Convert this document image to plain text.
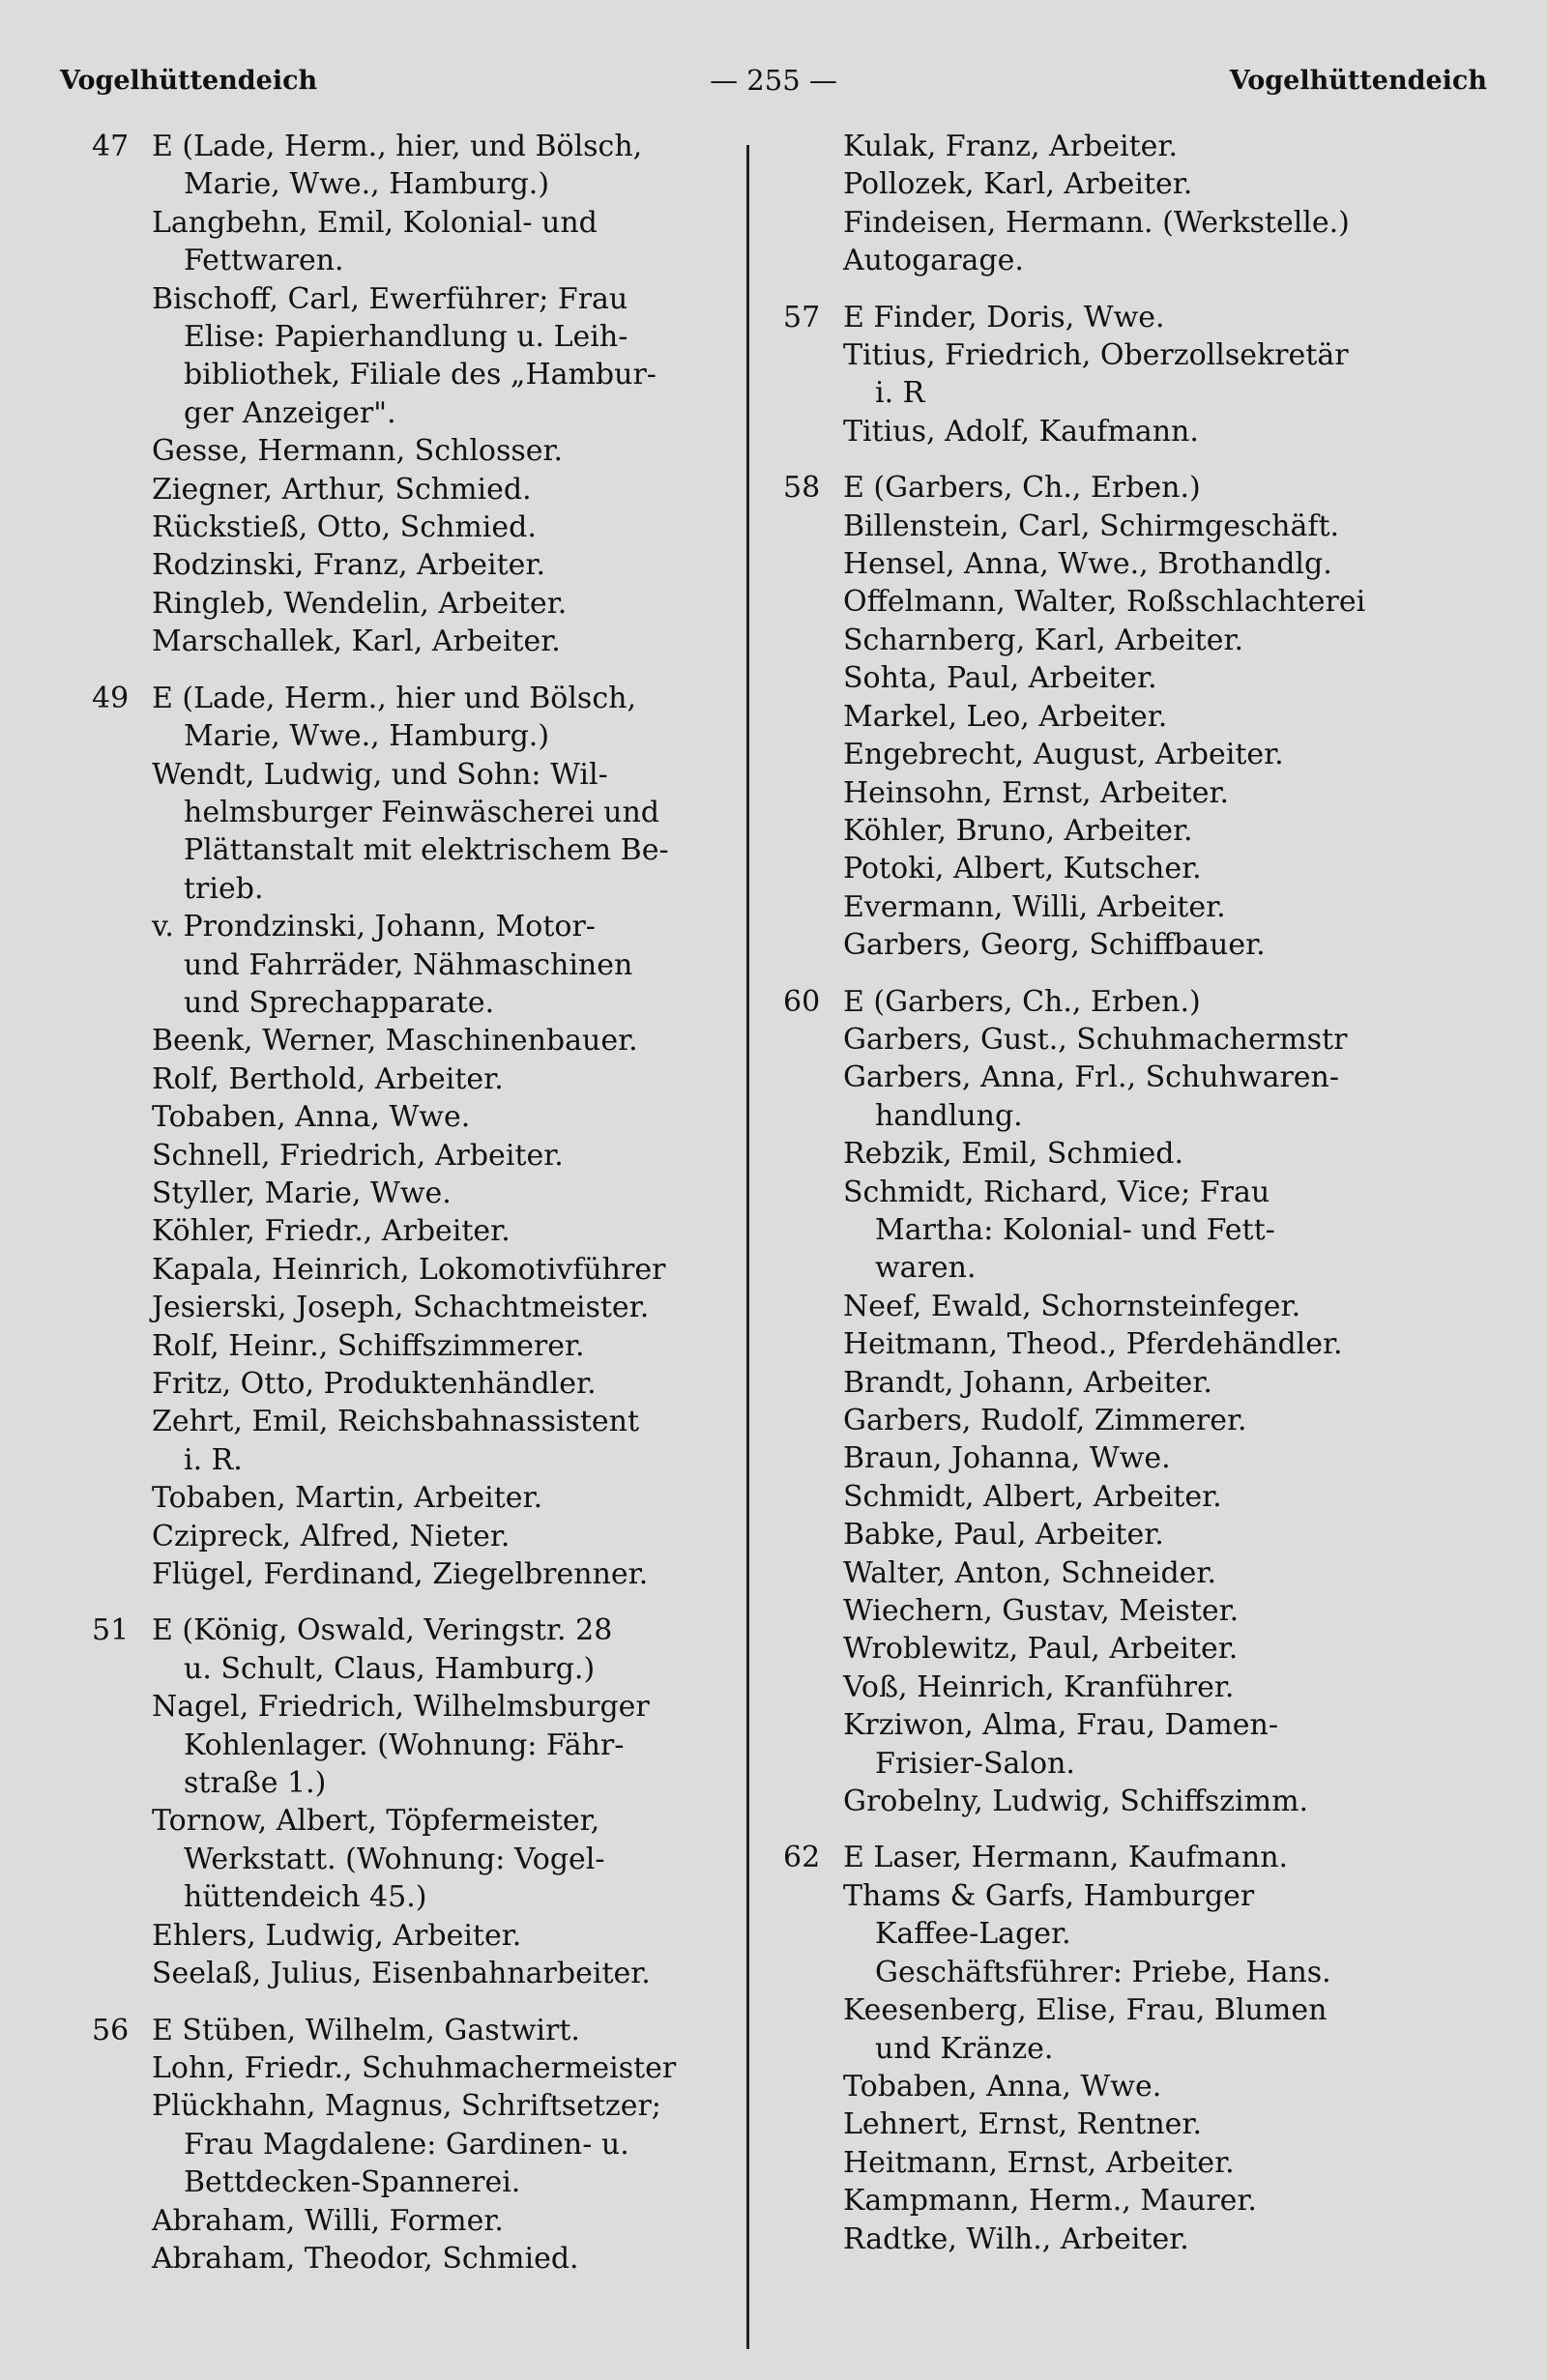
Vogelhüttendeich	— 255 —	Vogelhüttendeich
47 E (Lade, Herm., hier, und Bölsch,
Marie, Wwe., Hamburg.)
Langbehn, Emil, Kolonial- und
Fettwaren.
Bischoff, Carl, Ewerführer; Frau
Elise: Papierhandlung u. Leih-
bibliothek, Filiale des „Hambur-
ger Anzeiger".
Gesse, Hermann, Schlosser.
Ziegner, Arthur, Schmied.
Rückstieß, Otto, Schmied.
Rodzinski, Franz, Arbeiter.
Ringleb, Wendelin, Arbeiter.
Marschallek, Karl, Arbeiter.
49 E (Lade, Herm., hier und Bölsch,
Marie, Wwe., Hamburg.)
Wendt, Ludwig, und Sohn: Wil-
helmsburger Feinwäscherei und
Plättanstalt mit elektrischem Be-
trieb.
v. Prondzinski, Johann, Motor-
und Fahrräder, Nähmaschinen
und Sprechapparate.
Beenk, Werner, Maschinenbauer.
Rolf, Berthold, Arbeiter.
Tobaben, Anna, Wwe.
Schnell, Friedrich, Arbeiter.
Styller, Marie, Wwe.
Köhler, Friedr., Arbeiter.
Kapala, Heinrich, Lokomotivführer
Jesierski, Joseph, Schachtmeister.
Rolf, Heinr., Schiffszimmerer.
Fritz, Otto, Produktenhändler.
Zehrt, Emil, Reichsbahnassistent
i. R.
Tobaben, Martin, Arbeiter.
Czipreck, Alfred, Nieter.
Flügel, Ferdinand, Ziegelbrenner.
51 E (König, Oswald, Veringstr. 28
u. Schult, Claus, Hamburg.)
Nagel, Friedrich, Wilhelmsburger
Kohlenlager. (Wohnung: Fähr-
straße 1.)
Tornow, Albert, Töpfermeister,
Werkstatt. (Wohnung: Vogel-
hüttendeich 45.)
Ehlers, Ludwig, Arbeiter.
Seelaß, Julius, Eisenbahnarbeiter.
56 E Stüben, Wilhelm, Gastwirt.
Lohn, Friedr., Schuhmachermeister
Plückhahn, Magnus, Schriftsetzer;
Frau Magdalene: Gardinen- u.
Bettdecken-Spannerei.
Abraham, Willi, Former.
Abraham, Theodor, Schmied.
Kulak, Franz, Arbeiter.
Pollozek, Karl, Arbeiter.
Findeisen, Hermann. (Werkstelle.)
Autogarage.
57 E Finder, Doris, Wwe.
Titius, Friedrich, Oberzollsekretär
i. R
Titius, Adolf, Kaufmann.
58 E (Garbers, Ch., Erben.)
Billenstein, Carl, Schirmgeschäft.
Hensel, Anna, Wwe., Brothandlg.
Offelmann, Walter, Roßschlachterei
Scharnberg, Karl, Arbeiter.
Sohta, Paul, Arbeiter.
Markel, Leo, Arbeiter.
Engebrecht, August, Arbeiter.
Heinsohn, Ernst, Arbeiter.
Köhler, Bruno, Arbeiter.
Potoki, Albert, Kutscher.
Evermann, Willi, Arbeiter.
Garbers, Georg, Schiffbauer.
60 E (Garbers, Ch., Erben.)
Garbers, Gust., Schuhmachermstr
Garbers, Anna, Frl., Schuhwaren-
handlung.
Rebzik, Emil, Schmied.
Schmidt, Richard, Vice; Frau
Martha: Kolonial- und Fett-
waren.
Neef, Ewald, Schornsteinfeger.
Heitmann, Theod., Pferdehändler.
Brandt, Johann, Arbeiter.
Garbers, Rudolf, Zimmerer.
Braun, Johanna, Wwe.
Schmidt, Albert, Arbeiter.
Babke, Paul, Arbeiter.
Walter, Anton, Schneider.
Wiechern, Gustav, Meister.
Wroblewitz, Paul, Arbeiter.
Voß, Heinrich, Kranführer.
Krziwon, Alma, Frau, Damen-
Frisier-Salon.
Grobelny, Ludwig, Schiffszimm.
62 E Laser, Hermann, Kaufmann.
Thams & Garfs, Hamburger
Kaffee-Lager.
Geschäftsführer: Priebe, Hans.
Keesenberg, Elise, Frau, Blumen
und Kränze.
Tobaben, Anna, Wwe.
Lehnert, Ernst, Rentner.
Heitmann, Ernst, Arbeiter.
Kampmann, Herm., Maurer.
Radtke, Wilh., Arbeiter.
